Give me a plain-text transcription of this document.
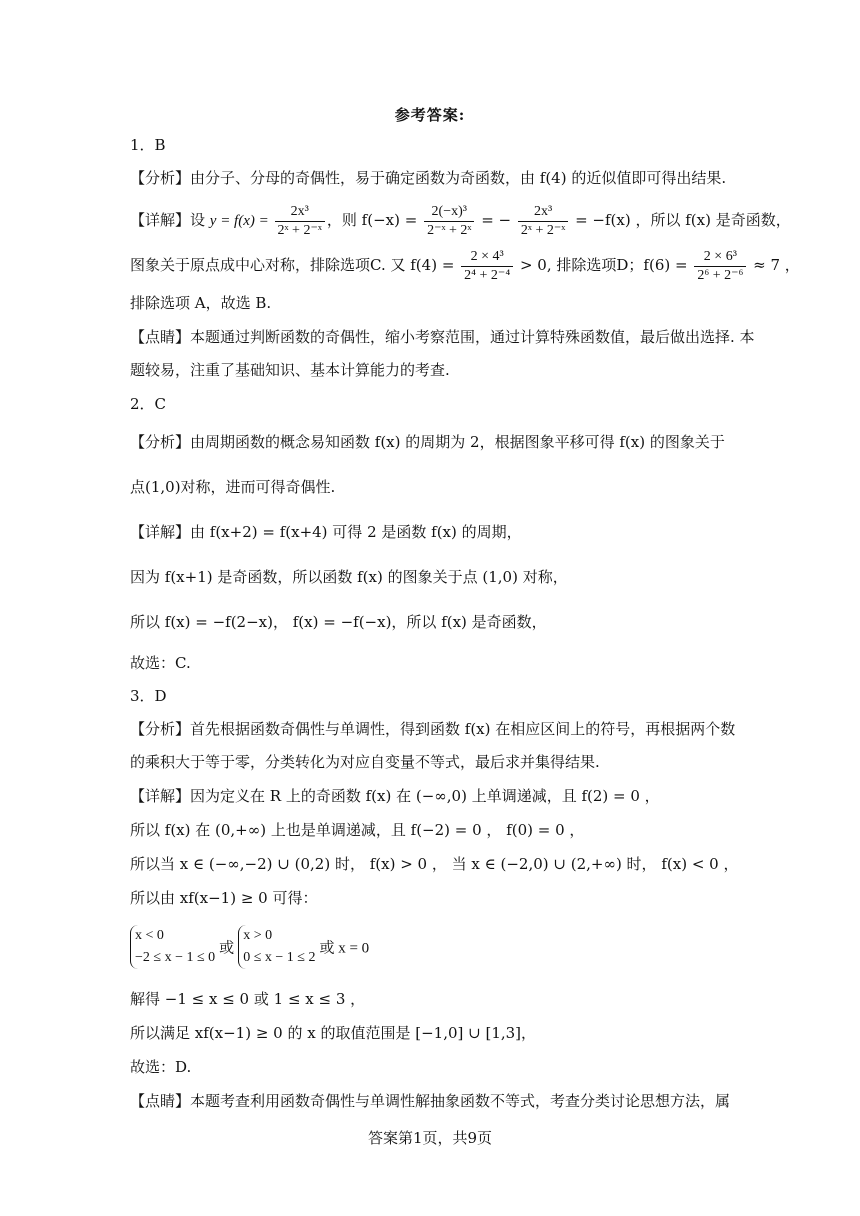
参考答案:
1．B
【分析】由分子、分母的奇偶性，易于确定函数为奇函数，由 f(4) 的近似值即可得出结果.
【详解】设 $y = f(x) = \frac{\text{2x³}}{\text{2ˣ + 2⁻ˣ}}$ ，则 $f(-x) = \frac{\text{2(−x)³}}{\text{2⁻ˣ + 2ˣ}}$ = − $\frac{\text{2x³}}{\text{2ˣ + 2⁻ˣ}} = -f(x)$ ，所以 f(x) 是奇函数，
图象关于原点成中心对称，排除选项C. 又 $f(4) = \frac{\text{2 × 4³}}{\text{2⁴ + 2⁻⁴}} > 0$, 排除选项D；$f(6) = \frac{\text{2 × 6³}}{\text{2⁶ + 2⁻⁶}} \approx 7$ ，
排除选项 A，故选 B.
【点睛】本题通过判断函数的奇偶性，缩小考察范围，通过计算特殊函数值，最后做出选择. 本
题较易，注重了基础知识、基本计算能力的考查.
2．C
【分析】由周期函数的概念易知函数 f(x) 的周期为 2，根据图象平移可得 f(x) 的图象关于
点(1,0)对称，进而可得奇偶性.
【详解】由 f(x+2) = f(x+4) 可得 2 是函数 f(x) 的周期，
因为 f(x+1) 是奇函数，所以函数 f(x) 的图象关于点 (1,0) 对称，
所以 f(x) = −f(2−x)， f(x) = −f(−x)，所以 f(x) 是奇函数，
故选：C.
3．D
【分析】首先根据函数奇偶性与单调性，得到函数 f(x) 在相应区间上的符号，再根据两个数
的乘积大于等于零，分类转化为对应自变量不等式，最后求并集得结果.
【详解】因为定义在 R 上的奇函数 f(x) 在 (−∞,0) 上单调递减，且 f(2) = 0 ，
所以 f(x) 在 (0,+∞) 上也是单调递减，且 f(−2) = 0 ， f(0) = 0 ，
所以当 x ∈ (−∞,−2) ∪ (0,2) 时， f(x) > 0 ， 当 x ∈ (−2,0) ∪ (2,+∞) 时， f(x) < 0 ，
所以由 xf(x−1) ≥ 0 可得：
x < 0
−2 ≤ x − 1 ≤ 0
或
x > 0
0 ≤ x − 1 ≤ 2
或 x = 0
解得 −1 ≤ x ≤ 0 或 1 ≤ x ≤ 3 ，
所以满足 xf(x−1) ≥ 0 的 x 的取值范围是 [−1,0] ∪ [1,3]，
故选：D.
【点睛】本题考查利用函数奇偶性与单调性解抽象函数不等式，考查分类讨论思想方法，属
答案第1页，共9页
